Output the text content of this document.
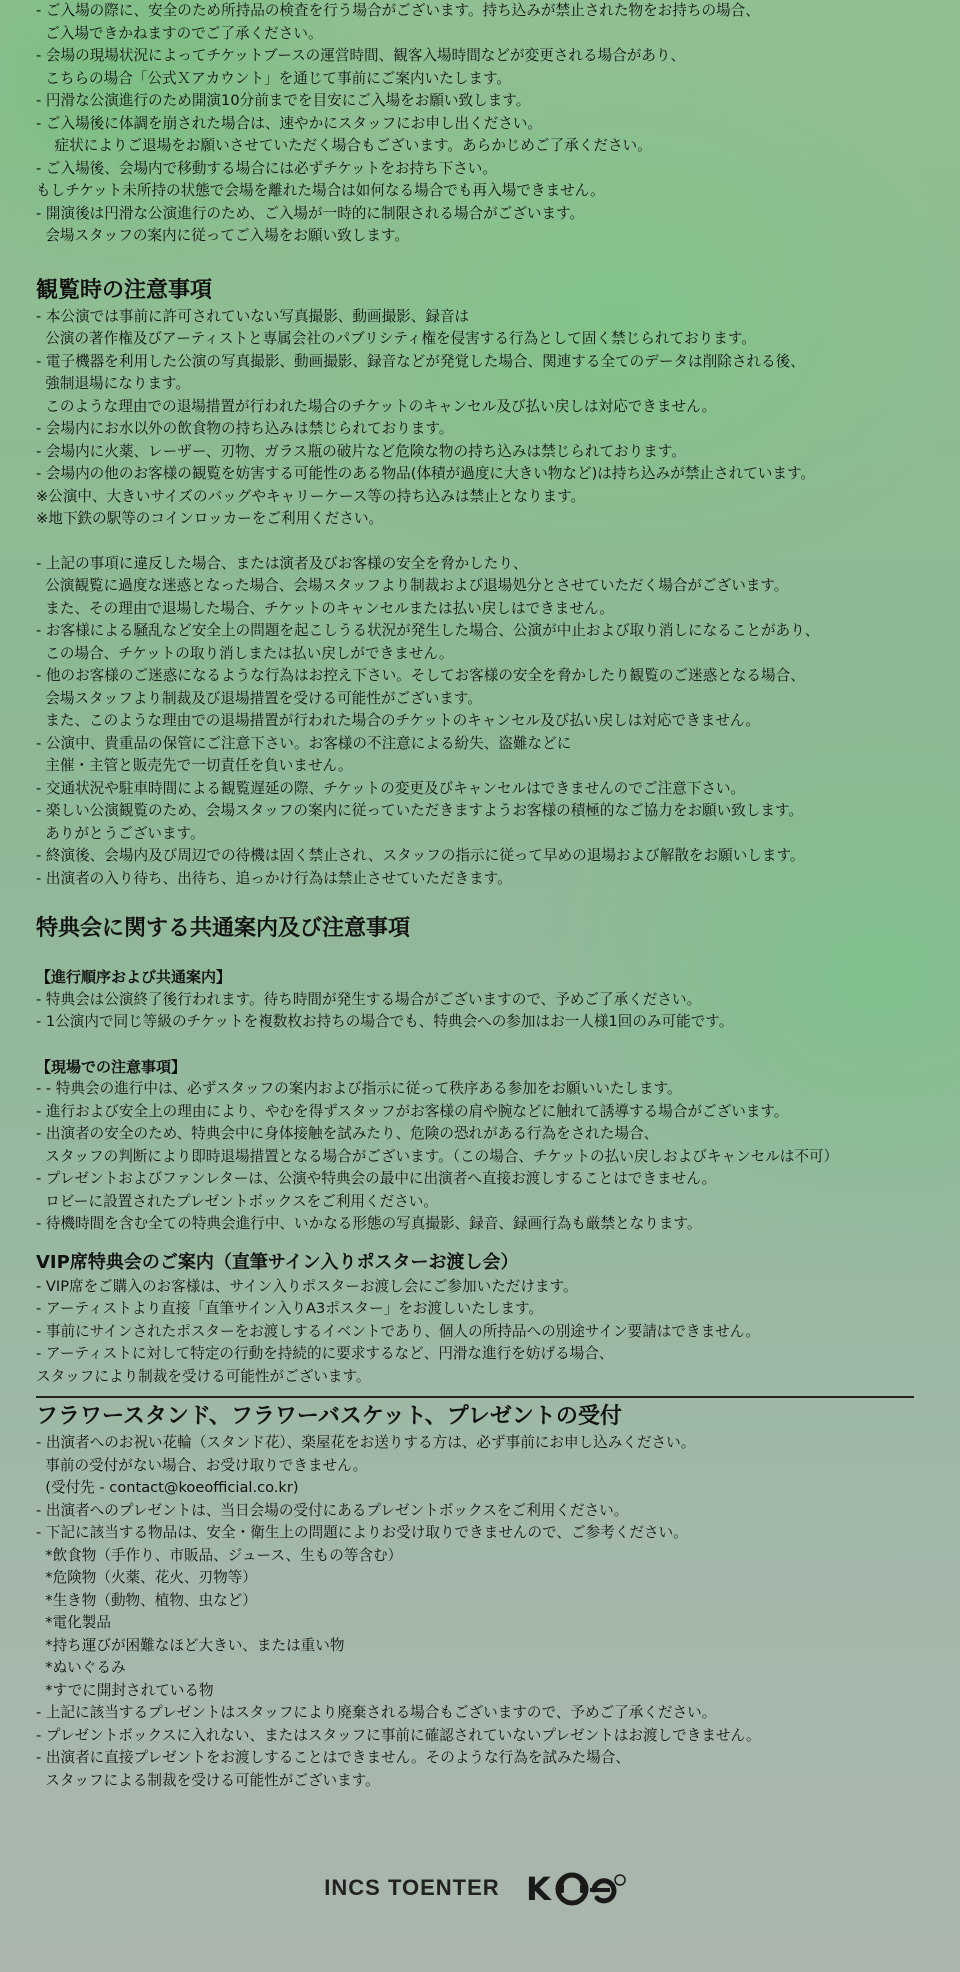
- ご入場の際に、安全のため所持品の検査を行う場合がございます。持ち込みが禁止された物をお持ちの場合、
ご入場できかねますのでご了承ください。
- 会場の現場状況によってチケットブースの運営時間、観客入場時間などが変更される場合があり、
こちらの場合「公式Ｘアカウント」を通じて事前にご案内いたします。
- 円滑な公演進行のため開演10分前までを目安にご入場をお願い致します。
- ご入場後に体調を崩された場合は、速やかにスタッフにお申し出ください。
症状によりご退場をお願いさせていただく場合もございます。あらかじめご了承ください。
- ご入場後、会場内で移動する場合には必ずチケットをお持ち下さい。
もしチケット未所持の状態で会場を離れた場合は如何なる場合でも再入場できません。
- 開演後は円滑な公演進行のため、ご入場が一時的に制限される場合がございます。
会場スタッフの案内に従ってご入場をお願い致します。
観覧時の注意事項
- 本公演では事前に許可されていない写真撮影、動画撮影、録音は
公演の著作権及びアーティストと専属会社のパブリシティ権を侵害する行為として固く禁じられております。
- 電子機器を利用した公演の写真撮影、動画撮影、録音などが発覚した場合、関連する全てのデータは削除される後、
強制退場になります。
このような理由での退場措置が行われた場合のチケットのキャンセル及び払い戻しは対応できません。
- 会場内にお水以外の飲食物の持ち込みは禁じられております。
- 会場内に火薬、レーザー、刃物、ガラス瓶の破片など危険な物の持ち込みは禁じられております。
- 会場内の他のお客様の観覧を妨害する可能性のある物品(体積が過度に大きい物など)は持ち込みが禁止されています。
※公演中、大きいサイズのバッグやキャリーケース等の持ち込みは禁止となります。
※地下鉄の駅等のコインロッカーをご利用ください。
- 上記の事項に違反した場合、または演者及びお客様の安全を脅かしたり、
公演観覧に過度な迷惑となった場合、会場スタッフより制裁および退場処分とさせていただく場合がございます。
また、その理由で退場した場合、チケットのキャンセルまたは払い戻しはできません。
- お客様による騒乱など安全上の問題を起こしうる状況が発生した場合、公演が中止および取り消しになることがあり、
この場合、チケットの取り消しまたは払い戻しができません。
- 他のお客様のご迷惑になるような行為はお控え下さい。そしてお客様の安全を脅かしたり観覧のご迷惑となる場合、
会場スタッフより制裁及び退場措置を受ける可能性がございます。
また、このような理由での退場措置が行われた場合のチケットのキャンセル及び払い戻しは対応できません。
- 公演中、貴重品の保管にご注意下さい。お客様の不注意による紛失、盗難などに
主催・主管と販売先で一切責任を負いません。
- 交通状況や駐車時間による観覧遅延の際、チケットの変更及びキャンセルはできませんのでご注意下さい。
- 楽しい公演観覧のため、会場スタッフの案内に従っていただきますようお客様の積極的なご協力をお願い致します。
ありがとうございます。
- 終演後、会場内及び周辺での待機は固く禁止され、スタッフの指示に従って早めの退場および解散をお願いします。
- 出演者の入り待ち、出待ち、追っかけ行為は禁止させていただきます。
特典会に関する共通案内及び注意事項
【進行順序および共通案内】
- 特典会は公演終了後行われます。待ち時間が発生する場合がございますので、予めご了承ください。
- 1公演内で同じ等級のチケットを複数枚お持ちの場合でも、特典会への参加はお一人様1回のみ可能です。
【現場での注意事項】
- - 特典会の進行中は、必ずスタッフの案内および指示に従って秩序ある参加をお願いいたします。
- 進行および安全上の理由により、やむを得ずスタッフがお客様の肩や腕などに触れて誘導する場合がございます。
- 出演者の安全のため、特典会中に身体接触を試みたり、危険の恐れがある行為をされた場合、
スタッフの判断により即時退場措置となる場合がございます。（この場合、チケットの払い戻しおよびキャンセルは不可）
- プレゼントおよびファンレターは、公演や特典会の最中に出演者へ直接お渡しすることはできません。
ロビーに設置されたプレゼントボックスをご利用ください。
- 待機時間を含む全ての特典会進行中、いかなる形態の写真撮影、録音、録画行為も厳禁となります。
VIP席特典会のご案内（直筆サイン入りポスターお渡し会）
- VIP席をご購入のお客様は、サイン入りポスターお渡し会にご参加いただけます。
- アーティストより直接「直筆サイン入りA3ポスター」をお渡しいたします。
- 事前にサインされたポスターをお渡しするイベントであり、個人の所持品への別途サイン要請はできません。
- アーティストに対して特定の行動を持続的に要求するなど、円滑な進行を妨げる場合、
スタッフにより制裁を受ける可能性がございます。
フラワースタンド、フラワーバスケット、プレゼントの受付
- 出演者へのお祝い花輪（スタンド花）、楽屋花をお送りする方は、必ず事前にお申し込みください。
事前の受付がない場合、お受け取りできません。
(受付先 - contact@koeofficial.co.kr)
- 出演者へのプレゼントは、当日会場の受付にあるプレゼントボックスをご利用ください。
- 下記に該当する物品は、安全・衛生上の問題によりお受け取りできませんので、ご参考ください。
*飲食物（手作り、市販品、ジュース、生もの等含む）
*危険物（火薬、花火、刃物等）
*生き物（動物、植物、虫など）
*電化製品
*持ち運びが困難なほど大きい、または重い物
*ぬいぐるみ
*すでに開封されている物
- 上記に該当するプレゼントはスタッフにより廃棄される場合もございますので、予めご了承ください。
- プレゼントボックスに入れない、またはスタッフに事前に確認されていないプレゼントはお渡しできません。
- 出演者に直接プレゼントをお渡しすることはできません。そのような行為を試みた場合、
スタッフによる制裁を受ける可能性がございます。
INCS TOENTER K
